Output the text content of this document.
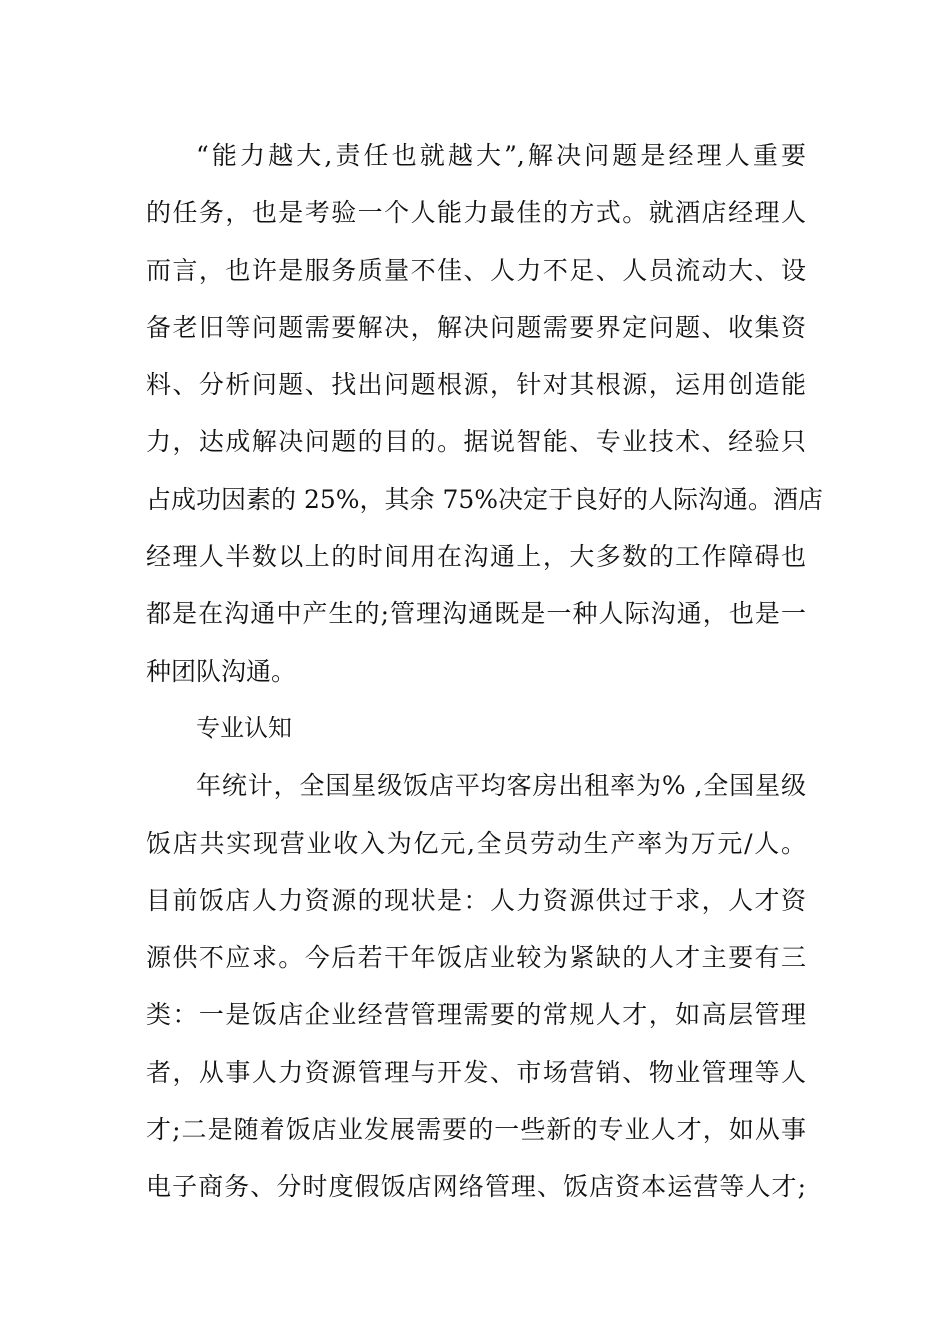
“能力越大,责任也就越大”,解决问题是经理人重要
的任务，也是考验一个人能力最佳的方式。就酒店经理人
而言，也许是服务质量不佳、人力不足、人员流动大、设
备老旧等问题需要解决，解决问题需要界定问题、收集资
料、分析问题、找出问题根源，针对其根源，运用创造能
力，达成解决问题的目的。据说智能、专业技术、经验只
占成功因素的 25%，其余 75%决定于良好的人际沟通。酒店
经理人半数以上的时间用在沟通上，大多数的工作障碍也
都是在沟通中产生的;管理沟通既是一种人际沟通，也是一
种团队沟通。
专业认知
年统计，全国星级饭店平均客房出租率为% ,全国星级
饭店共实现营业收入为亿元,全员劳动生产率为万元/人。
目前饭店人力资源的现状是：人力资源供过于求，人才资
源供不应求。今后若干年饭店业较为紧缺的人才主要有三
类：一是饭店企业经营管理需要的常规人才，如高层管理
者，从事人力资源管理与开发、市场营销、物业管理等人
才;二是随着饭店业发展需要的一些新的专业人才，如从事
电子商务、分时度假饭店网络管理、饭店资本运营等人才;
